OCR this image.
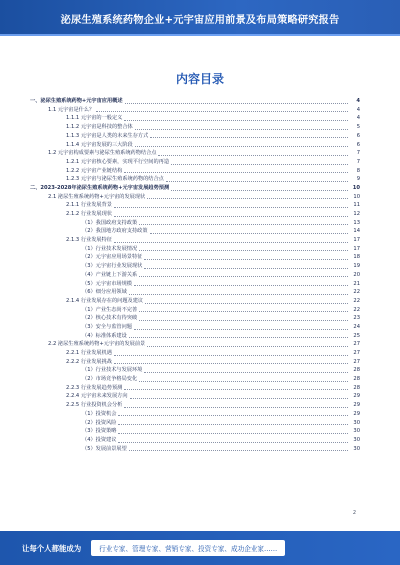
泌尿生殖系统药物企业+元宇宙应用前景及布局策略研究报告
内容目录
一、泌尿生殖系统药物+元宇宙应用概述	4
1.1 元宇宙是什么？	4
1.1.1 元宇宙的一般定义	4
1.1.2 元宇宙是科技的整合体	5
1.1.3 元宇宙是人类的未来生存方式	6
1.1.4 元宇宙发展的三大阶段	6
1.2 元宇宙构成要素与泌尿生殖系统药物结合点	7
1.2.1 元宇宙核心要素，实现平行空间的再造	7
1.2.2 元宇宙产业链结构	8
1.2.3 元宇宙与泌尿生殖系统药物的结合点	9
二、2023-2028年泌尿生殖系统药物+元宇宙发展趋势预测	10
2.1 泌尿生殖系统药物+元宇宙的发展现状	10
2.1.1 行业发展背景	11
2.1.2 行业发展现状	12
（1）我国政府支持政策	13
（2）我国地方政府支持政策	14
2.1.3 行业发展特征	17
（1）行业技术发展情况	17
（2）元宇宙应用场景特征	18
（3）元宇宙行业发展现状	19
（4）产业链上下游关系	20
（5）元宇宙市场规模	21
（6）细分应用领域	22
2.1.4 行业发展存在的问题及建议	22
（1）产业生态尚不完善	22
（2）核心技术有待突破	23
（3）安全与监管问题	24
（4）标准体系建设	25
2.2 泌尿生殖系统药物+元宇宙的发展前景	27
2.2.1 行业发展机遇	27
2.2.2 行业发展挑战	27
（1）行业技术与发展环境	28
（2）市场竞争格局变化	28
2.2.3 行业发展趋势预测	28
2.2.4 元宇宙未来发展方向	29
2.2.5 行业投资机会分析	29
（1）投资机会	29
（2）投资风险	30
（3）投资策略	30
（4）投资建议	30
（5）发展前景展望	30
2
让每个人都能成为	行业专家、管理专家、营销专家、投资专家、成功企业家……
